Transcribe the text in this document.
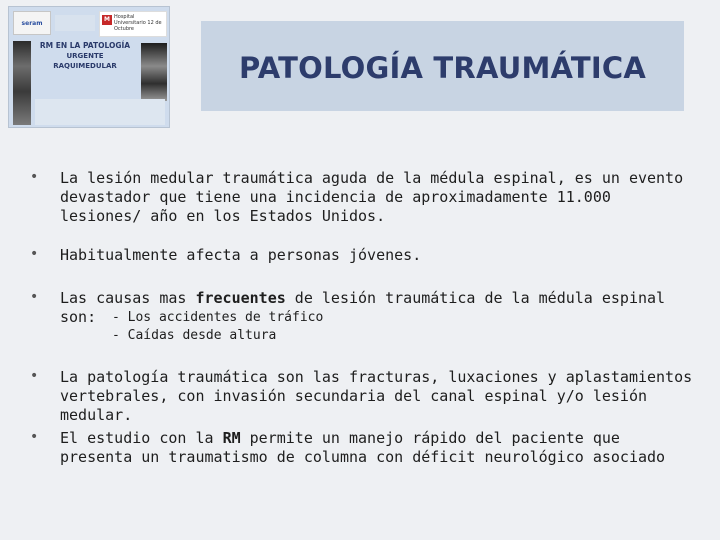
seram
M Hospital Universitario 12 de Octubre
RM EN LA PATOLOGÍA
URGENTE
RAQUIMEDULAR	PATOLOGÍA TRAUMÁTICA
• La lesión medular traumática aguda de la médula espinal, es un evento devastador que tiene una incidencia de aproximadamente 11.000 lesiones/ año en los Estados Unidos.
• Habitualmente afecta a personas jóvenes.
• Las causas mas frecuentes de lesión traumática de la médula espinal son:	- Los accidentes de tráfico
- Caídas desde altura
• La patología traumática son las fracturas, luxaciones y aplastamientos vertebrales, con invasión secundaria del canal espinal y/o lesión medular.
• El estudio con la RM permite un manejo rápido del paciente que presenta un traumatismo de columna con déficit neurológico asociado
